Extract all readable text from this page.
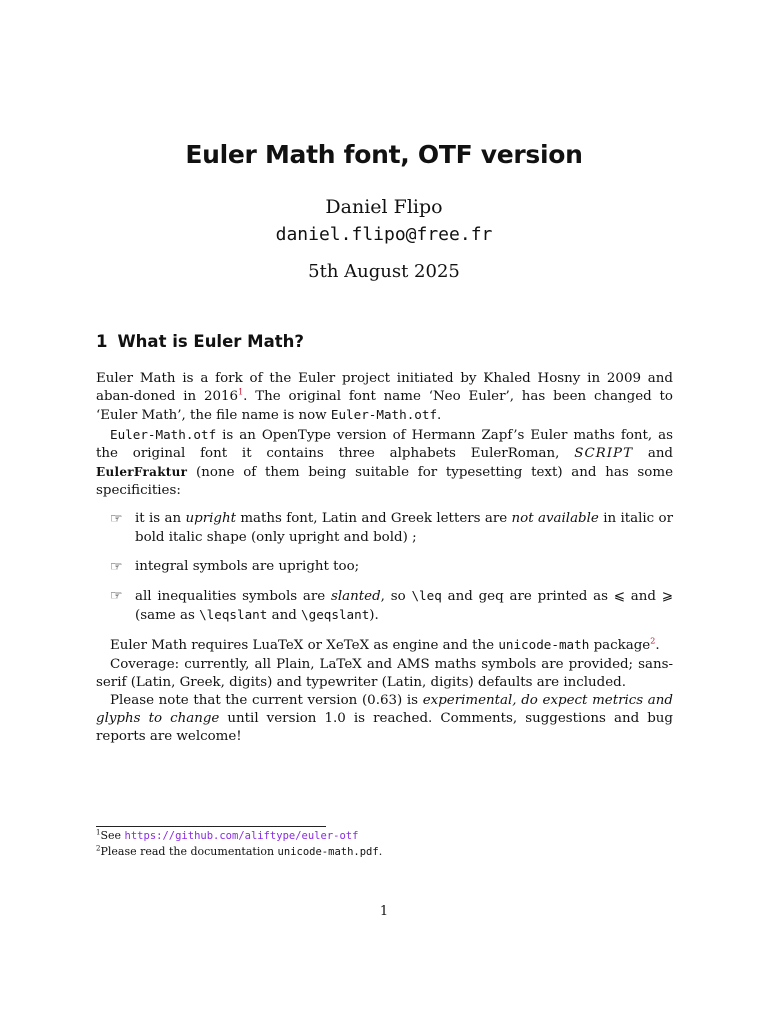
Euler Math font, OTF version
Daniel Flipo
daniel.flipo@free.fr
5th August 2025
1 What is Euler Math?

Euler Math is a fork of the Euler project initiated by Khaled Hosny in 2009 and aban-doned in 2016$^1$. The original font name ‘Neo Euler’, has been changed to ‘Euler Math’, the file name is now Euler-Math.otf.

Euler-Math.otf is an OpenType version of Hermann Zapf’s Euler maths font, as the original font it contains three alphabets EulerRoman, SCRIPT and EulerFraktur (none of them being suitable for typesetting text) and has some specificities:

☞ it is an upright maths font, Latin and Greek letters are not available in italic or bold italic shape (only upright and bold) ;
☞ integral symbols are upright too;
☞ all inequalities symbols are slanted, so \leq and geq are printed as ⩽ and ⩾ (same as \leqslant and \geqslant).

Euler Math requires LuaTeX or XeTeX as engine and the unicode-math package$^2$.

Coverage: currently, all Plain, LaTeX and AMS maths symbols are provided; sans-serif (Latin, Greek, digits) and typewriter (Latin, digits) defaults are included.

Please note that the current version (0.63) is experimental, do expect metrics and glyphs to change until version 1.0 is reached. Comments, suggestions and bug reports are welcome!

$^1$See https://github.com/aliftype/euler-otf
$^2$Please read the documentation unicode-math.pdf.
1
